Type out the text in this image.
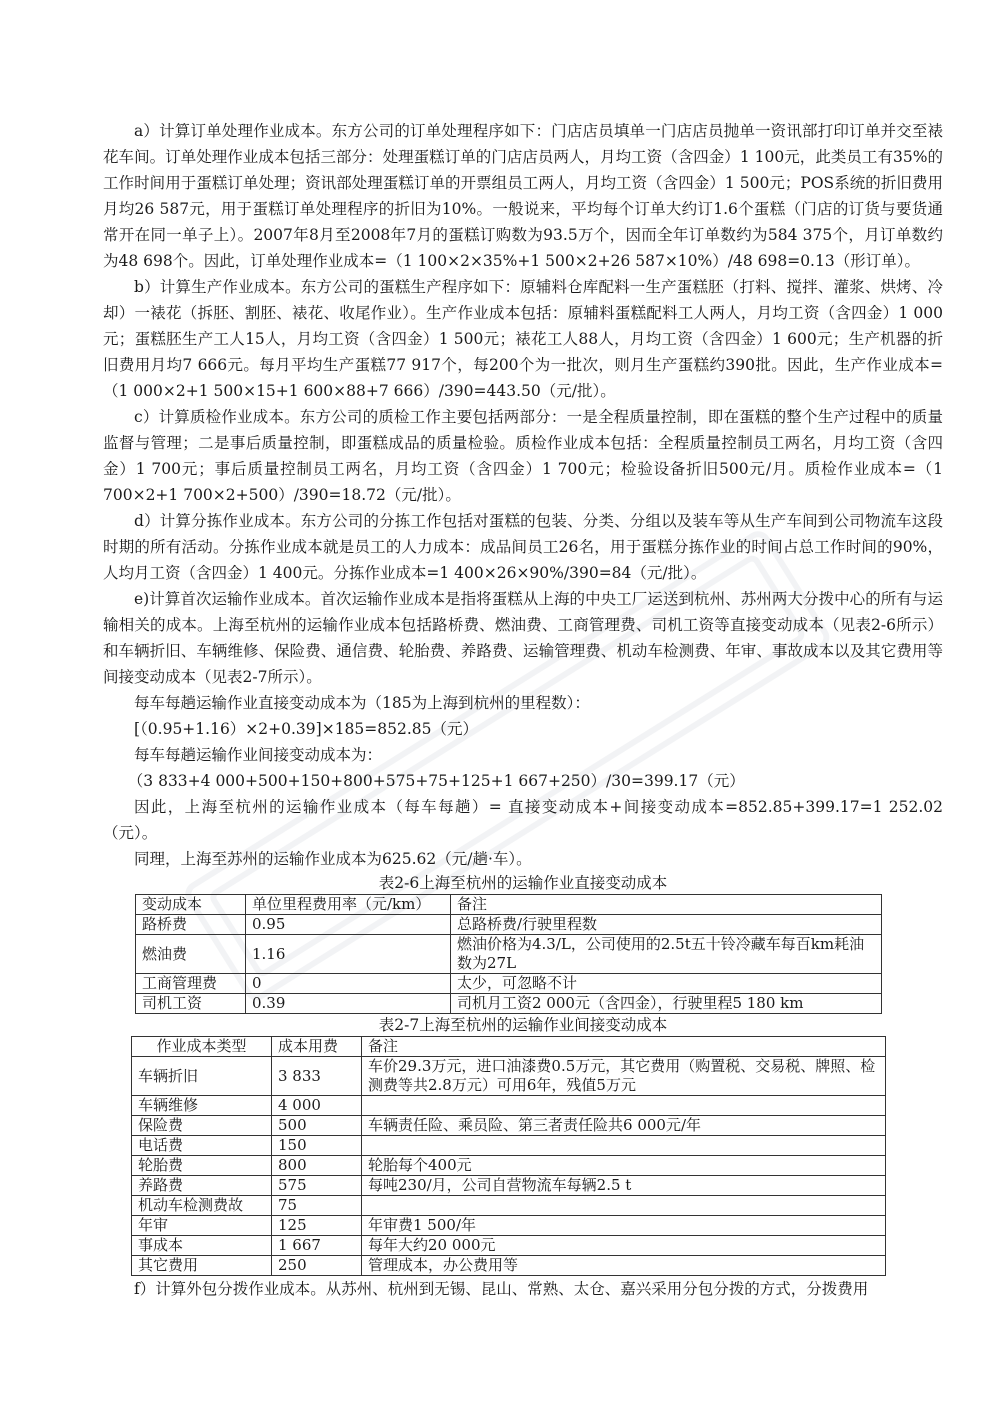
a）计算订单处理作业成本。东方公司的订单处理程序如下：门店店员填单一门店店员抛单一资讯部打印订单并交至裱花车间。订单处理作业成本包括三部分：处理蛋糕订单的门店店员两人，月均工资（含四金）1 100元，此类员工有35%的工作时间用于蛋糕订单处理；资讯部处理蛋糕订单的开票组员工两人，月均工资（含四金）1 500元；POS系统的折旧费用月均26 587元，用于蛋糕订单处理程序的折旧为10%。一般说来，平均每个订单大约订1.6个蛋糕（门店的订货与要货通常开在同一单子上）。2007年8月至2008年7月的蛋糕订购数为93.5万个，因而全年订单数约为584 375个，月订单数约为48 698个。因此，订单处理作业成本=（1 100×2×35%+1 500×2+26 587×10%）/48 698=0.13（形订单）。

b）计算生产作业成本。东方公司的蛋糕生产程序如下：原辅料仓库配料一生产蛋糕胚（打料、搅拌、灌浆、烘烤、冷却）一裱花（拆胚、割胚、裱花、收尾作业）。生产作业成本包括：原辅料蛋糕配料工人两人，月均工资（含四金）1 000元；蛋糕胚生产工人15人，月均工资（含四金）1 500元；裱花工人88人，月均工资（含四金）1 600元；生产机器的折旧费用月均7 666元。每月平均生产蛋糕77 917个，每200个为一批次，则月生产蛋糕约390批。因此，生产作业成本=（1 000×2+1 500×15+1 600×88+7 666）/390=443.50（元/批）。

c）计算质检作业成本。东方公司的质检工作主要包括两部分：一是全程质量控制，即在蛋糕的整个生产过程中的质量监督与管理；二是事后质量控制，即蛋糕成品的质量检验。质检作业成本包括：全程质量控制员工两名，月均工资（含四金）1 700元；事后质量控制员工两名，月均工资（含四金）1 700元；检验设备折旧500元/月。质检作业成本=（1 700×2+1 700×2+500）/390=18.72（元/批）。

d）计算分拣作业成本。东方公司的分拣工作包括对蛋糕的包装、分类、分组以及装车等从生产车间到公司物流车这段时期的所有活动。分拣作业成本就是员工的人力成本：成品间员工26名，用于蛋糕分拣作业的时间占总工作时间的90%，人均月工资（含四金）1 400元。分拣作业成本=1 400×26×90%/390=84（元/批）。

e)计算首次运输作业成本。首次运输作业成本是指将蛋糕从上海的中央工厂运送到杭州、苏州两大分拨中心的所有与运输相关的成本。上海至杭州的运输作业成本包括路桥费、燃油费、工商管理费、司机工资等直接变动成本（见表2-6所示）和车辆折旧、车辆维修、保险费、通信费、轮胎费、养路费、运输管理费、机动车检测费、年审、事故成本以及其它费用等间接变动成本（见表2-7所示）。

每车每趟运输作业直接变动成本为（185为上海到杭州的里程数）：

[（0.95+1.16）×2+0.39]×185=852.85（元）

每车每趟运输作业间接变动成本为：

（3 833+4 000+500+150+800+575+75+125+1 667+250）/30=399.17（元）

因此，上海至杭州的运输作业成本（每车每趟）= 直接变动成本+间接变动成本=852.85+399.17=1 252.02（元）。

同理，上海至苏州的运输作业成本为625.62（元/趟·车）。

表2-6上海至杭州的运输作业直接变动成本

变动成本	单位里程费用率（元/km）	备注
路桥费	0.95	总路桥费/行驶里程数
燃油费	1.16	燃油价格为4.3/L，公司使用的2.5t五十铃冷藏车每百km耗油数为27L
工商管理费	0	太少，可忽略不计
司机工资	0.39	司机月工资2 000元（含四金），行驶里程5 180 km

表2-7上海至杭州的运输作业间接变动成本

作业成本类型	成本用费	备注
车辆折旧	3 833	车价29.3万元，进口油漆费0.5万元，其它费用（购置税、交易税、牌照、检测费等共2.8万元）可用6年，残值5万元
车辆维修	4 000	
保险费	500	车辆责任险、乘员险、第三者责任险共6 000元/年
电话费	150	
轮胎费	800	轮胎每个400元
养路费	575	每吨230/月，公司自营物流车每辆2.5 t
机动车检测费故	75	
年审	125	年审费1 500/年
事成本	1 667	每年大约20 000元
其它费用	250	管理成本，办公费用等

f）计算外包分拨作业成本。从苏州、杭州到无锡、昆山、常熟、太仓、嘉兴采用分包分拨的方式，分拨费用
